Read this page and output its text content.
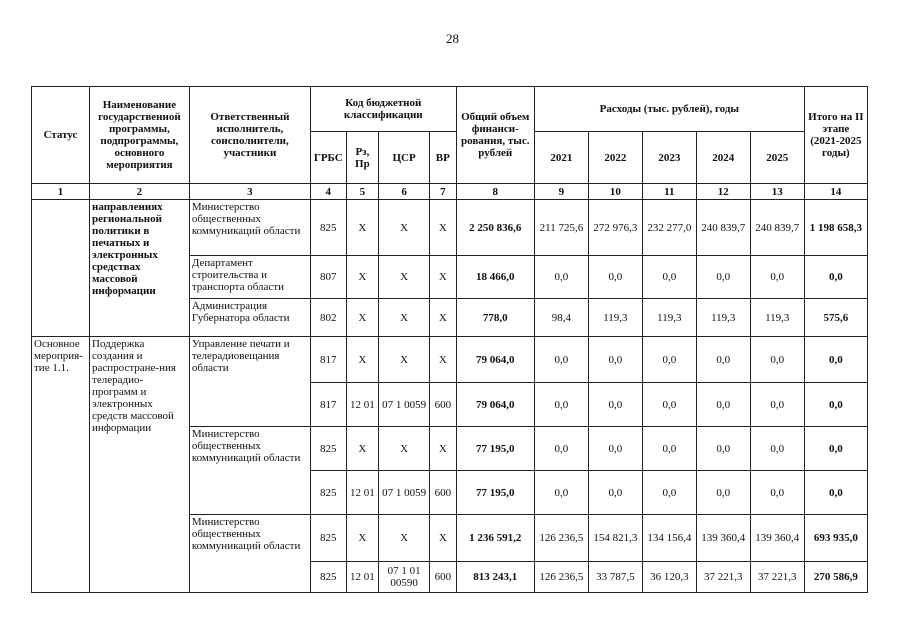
28
Статус	Наименование государственной программы, подпрограммы, основного мероприятия	Ответственный исполнитель, соисполнители, участники	Код бюджетной классификации				Общий объем финанси-рования, тыс. рублей	Расходы (тыс. рублей), годы					Итого на II этапе (2021-2025 годы)
			ГРБС	Рз, Пр	ЦСР	ВР		2021	2022	2023	2024	2025	
1	2	3	4	5	6	7	8	9	10	11	12	13	14
	направлениях региональной политики в печатных и электронных средствах массовой информации	Министерство общественных коммуникаций области	825	Х	Х	Х	2 250 836,6	211 725,6	272 976,3	232 277,0	240 839,7	240 839,7	1 198 658,3
		Департамент строительства и транспорта области	807	Х	Х	Х	18 466,0	0,0	0,0	0,0	0,0	0,0	0,0
		Администрация Губернатора области	802	Х	Х	Х	778,0	98,4	119,3	119,3	119,3	119,3	575,6
Основное мероприя-тие 1.1.	Поддержка создания и распростране-ния телерадио-программ и электронных средств массовой информации	Управление печати и телерадиовещания области	817	Х	Х	Х	79 064,0	0,0	0,0	0,0	0,0	0,0	0,0
			817	12 01	07 1 0059	600	79 064,0	0,0	0,0	0,0	0,0	0,0	0,0
		Министерство общественных коммуникаций области	825	Х	Х	Х	77 195,0	0,0	0,0	0,0	0,0	0,0	0,0
			825	12 01	07 1 0059	600	77 195,0	0,0	0,0	0,0	0,0	0,0	0,0
		Министерство общественных коммуникаций области	825	Х	Х	Х	1 236 591,2	126 236,5	154 821,3	134 156,4	139 360,4	139 360,4	693 935,0
			825	12 01	07 1 01 00590	600	813 243,1	126 236,5	33 787,5	36 120,3	37 221,3	37 221,3	270 586,9
